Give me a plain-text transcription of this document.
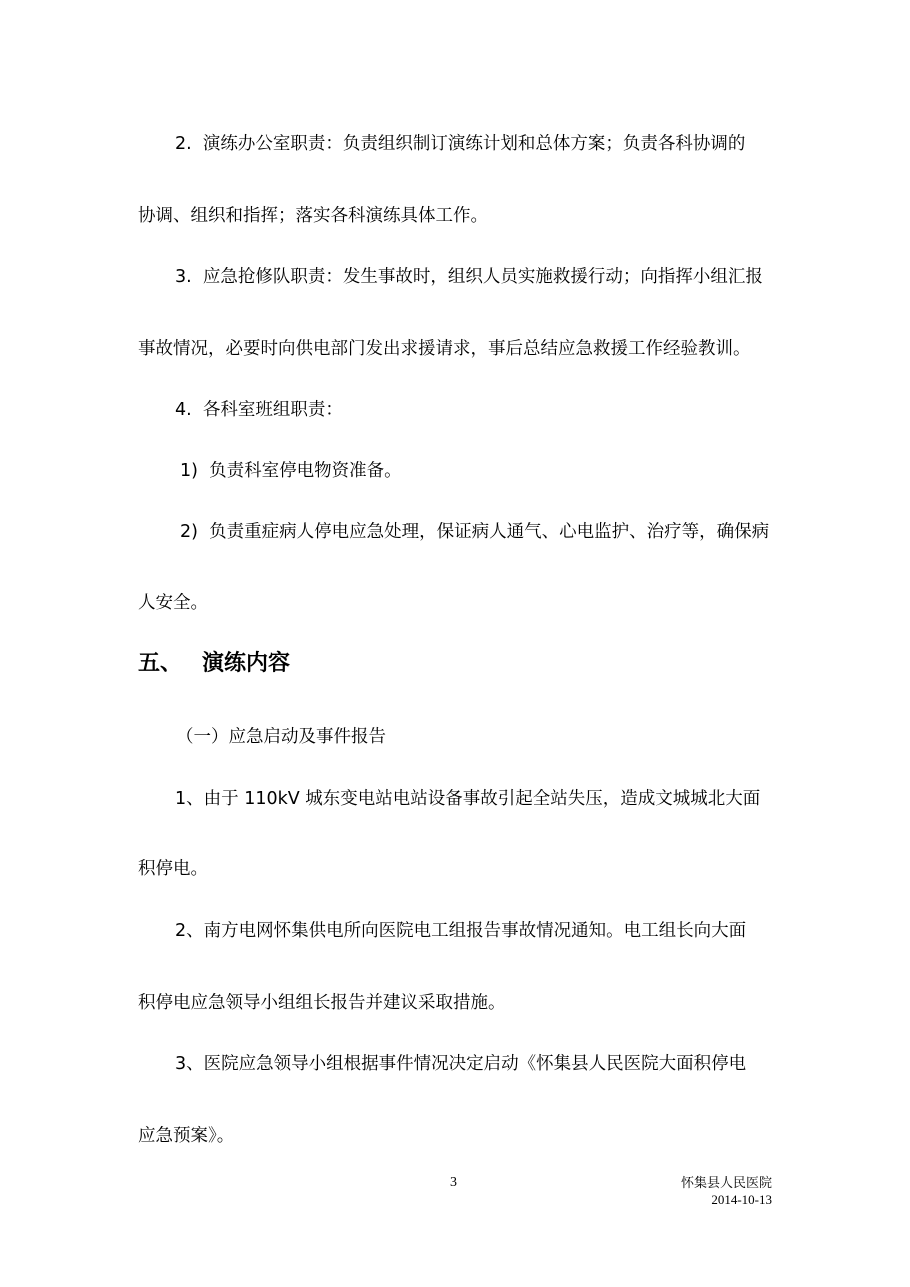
2.  演练办公室职责：负责组织制订演练计划和总体方案；负责各科协调的
协调、组织和指挥；落实各科演练具体工作。
3.  应急抢修队职责：发生事故时，组织人员实施救援行动；向指挥小组汇报
事故情况，必要时向供电部门发出求援请求，事后总结应急救援工作经验教训。
4.  各科室班组职责：
1)  负责科室停电物资准备。
2)  负责重症病人停电应急处理，保证病人通气、心电监护、治疗等，确保病
人安全。
五、 演练内容
（一）应急启动及事件报告
1、由于 110kV 城东变电站电站设备事故引起全站失压，造成文城城北大面
积停电。
2、南方电网怀集供电所向医院电工组报告事故情况通知。电工组长向大面
积停电应急领导小组组长报告并建议采取措施。
3、医院应急领导小组根据事件情况决定启动《怀集县人民医院大面积停电
应急预案》。
3	怀集县人民医院
2014-10-13
